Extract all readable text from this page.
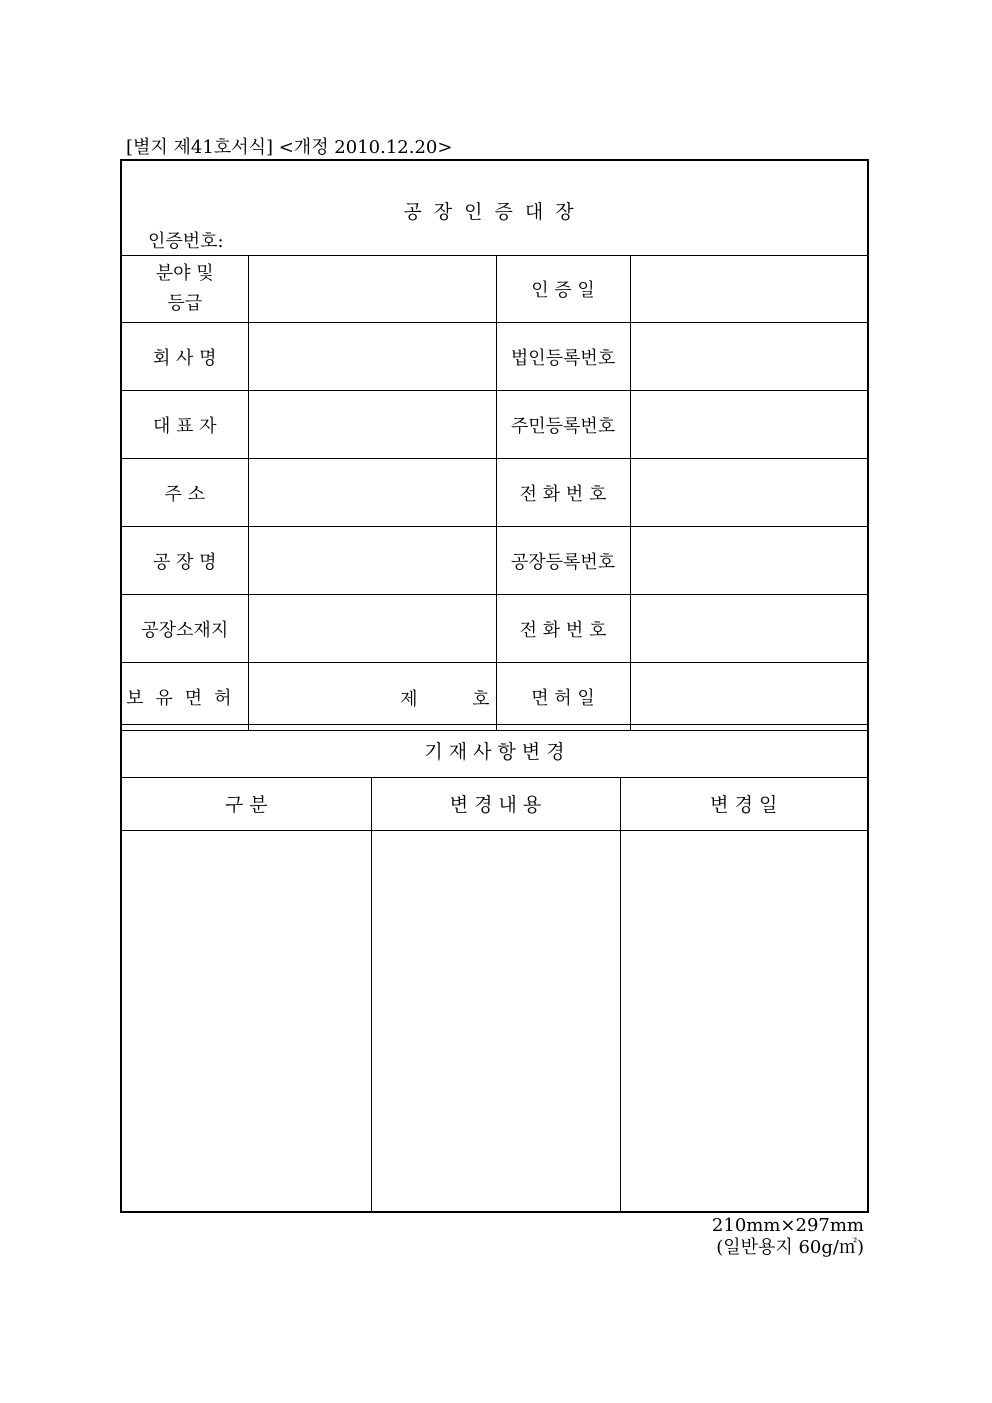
[별지 제41호서식] <개정 2010.12.20>
공장인증대장
인증번호:
분야 및
등급		인 증 일	
회 사 명		법인등록번호	
대 표 자		주민등록번호	
주 소		전 화 번 호	
공 장 명		공장등록번호	
공장소재지		전 화 번 호	
보유면허	제 호	면 허 일	
기 재 사 항 변 경
구 분	변 경 내 용	변 경 일

210mm×297mm
(일반용지 60g/㎡)
